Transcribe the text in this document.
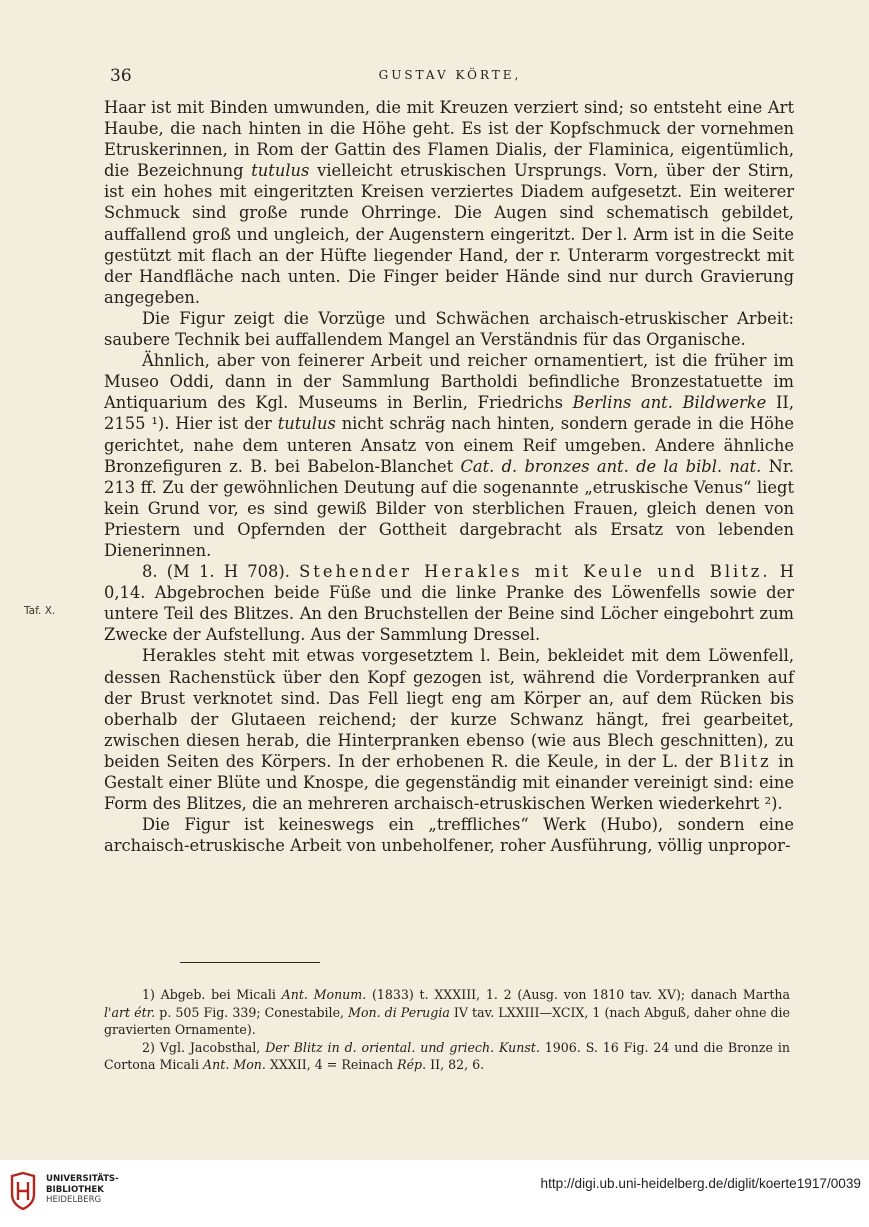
36	GUSTAV KÖRTE,
Taf. X.

Haar ist mit Binden umwunden, die mit Kreuzen verziert sind; so entsteht eine Art Haube, die nach hinten in die Höhe geht. Es ist der Kopfschmuck der vornehmen Etruskerinnen, in Rom der Gattin des Flamen Dialis, der Flaminica, eigentümlich, die Bezeichnung tutulus vielleicht etruskischen Ursprungs. Vorn, über der Stirn, ist ein hohes mit eingeritzten Kreisen verziertes Diadem aufgesetzt. Ein weiterer Schmuck sind große runde Ohrringe. Die Augen sind schematisch gebildet, auffallend groß und ungleich, der Augenstern eingeritzt. Der l. Arm ist in die Seite gestützt mit flach an der Hüfte liegender Hand, der r. Unterarm vorgestreckt mit der Handfläche nach unten. Die Finger beider Hände sind nur durch Gravierung angegeben.

Die Figur zeigt die Vorzüge und Schwächen archaisch-etruskischer Arbeit: saubere Technik bei auffallendem Mangel an Verständnis für das Organische.

Ähnlich, aber von feinerer Arbeit und reicher ornamentiert, ist die früher im Museo Oddi, dann in der Sammlung Bartholdi befindliche Bronzestatuette im Antiquarium des Kgl. Museums in Berlin, Friedrichs Berlins ant. Bildwerke II, 2155 ¹). Hier ist der tutulus nicht schräg nach hinten, sondern gerade in die Höhe gerichtet, nahe dem unteren Ansatz von einem Reif umgeben. Andere ähnliche Bronzefiguren z. B. bei Babelon-Blanchet Cat. d. bronzes ant. de la bibl. nat. Nr. 213 ff. Zu der gewöhnlichen Deutung auf die sogenannte „etruskische Venus“ liegt kein Grund vor, es sind gewiß Bilder von sterblichen Frauen, gleich denen von Priestern und Opfernden der Gottheit dargebracht als Ersatz von lebenden Dienerinnen.

8. (M 1. H 708). Stehender Herakles mit Keule und Blitz. H 0,14. Abgebrochen beide Füße und die linke Pranke des Löwenfells sowie der untere Teil des Blitzes. An den Bruchstellen der Beine sind Löcher eingebohrt zum Zwecke der Aufstellung. Aus der Sammlung Dressel.

Herakles steht mit etwas vorgesetztem l. Bein, bekleidet mit dem Löwenfell, dessen Rachenstück über den Kopf gezogen ist, während die Vorderpranken auf der Brust verknotet sind. Das Fell liegt eng am Körper an, auf dem Rücken bis oberhalb der Glutaeen reichend; der kurze Schwanz hängt, frei gearbeitet, zwischen diesen herab, die Hinterpranken ebenso (wie aus Blech geschnitten), zu beiden Seiten des Körpers. In der erhobenen R. die Keule, in der L. der Blitz in Gestalt einer Blüte und Knospe, die gegenständig mit einander vereinigt sind: eine Form des Blitzes, die an mehreren archaisch-etruskischen Werken wiederkehrt ²).

Die Figur ist keineswegs ein „treffliches“ Werk (Hubo), sondern eine archaisch-etruskische Arbeit von unbeholfener, roher Ausführung, völlig unpropor-

1) Abgeb. bei Micali Ant. Monum. (1833) t. XXXIII, 1. 2 (Ausg. von 1810 tav. XV); danach Martha l'art étr. p. 505 Fig. 339; Conestabile, Mon. di Perugia IV tav. LXXIII—XCIX, 1 (nach Abguß, daher ohne die gravierten Ornamente).

2) Vgl. Jacobsthal, Der Blitz in d. oriental. und griech. Kunst. 1906. S. 16 Fig. 24 und die Bronze in Cortona Micali Ant. Mon. XXXII, 4 = Reinach Rép. II, 82, 6.

UNIVERSITÄTS-
BIBLIOTHEK
HEIDELBERG
http://digi.ub.uni-heidelberg.de/diglit/koerte1917/0039
